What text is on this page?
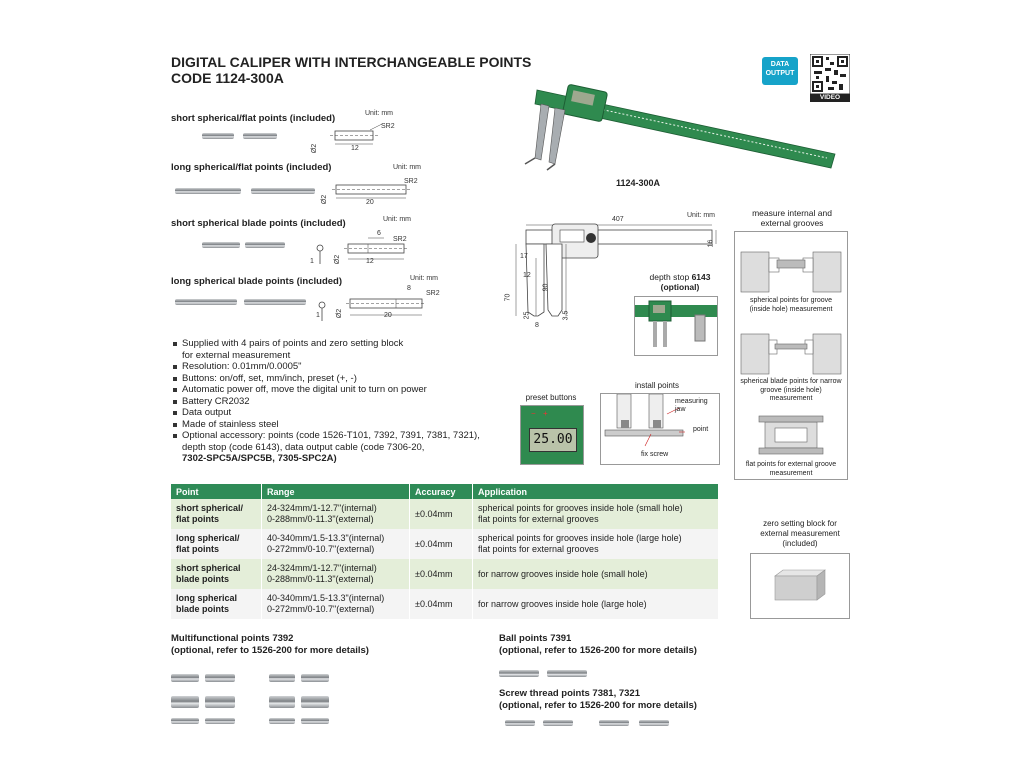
DIGITAL CALIPER WITH INTERCHANGEABLE POINTS
CODE 1124-300A
DATA OUTPUT
VIDEO
short spherical/flat points (included)	Unit: mm
SR2
12
Ø2
long spherical/flat points (included)	Unit: mm
SR2
20
Ø2
short spherical blade points (included)	Unit: mm
6
SR2
12
1	Ø2
long spherical blade points (included)	Unit: mm
8
SR2
20
1 Ø2
1124-300A
407
Unit: mm
16
17
12
90
70
25	3.5
8
depth stop 6143
(optional)
Supplied with 4 pairs of points and zero setting block
for external measurement
Resolution: 0.01mm/0.0005"
Buttons: on/off, set, mm/inch, preset (+, -)
Automatic power off, move the digital unit to turn on power
Battery CR2032
Data output
Made of stainless steel
Optional accessory: points (code 1526-T101, 7392, 7391, 7381, 7321),
depth stop (code 6143), data output cable (code 7306-20,
7302-SPC5A/SPC5B, 7305-SPC2A)
preset buttons
− +
25.00
install points
measuring jaw
point
fix screw
measure internal and external grooves
spherical points for groove (inside hole) measurement
spherical blade points for narrow groove (inside hole) measurement
flat points for external groove measurement
zero setting block for external measurement (included)
Point	Range	Accuracy	Application
short spherical/
flat points	24-324mm/1-12.7"(internal)
0-288mm/0-11.3"(external)	±0.04mm	spherical points for grooves inside hole (small hole)
flat points for external grooves
long spherical/
flat points	40-340mm/1.5-13.3"(internal)
0-272mm/0-10.7"(external)	±0.04mm	spherical points for grooves inside hole (large hole)
flat points for external grooves
short spherical
blade points	24-324mm/1-12.7"(internal)
0-288mm/0-11.3"(external)	±0.04mm	for narrow grooves inside hole (small hole)
long spherical
blade points	40-340mm/1.5-13.3"(internal)
0-272mm/0-10.7"(external)	±0.04mm	for narrow grooves inside hole (large hole)
Multifunctional points 7392
(optional, refer to 1526-200 for more details)
Ball points 7391
(optional, refer to 1526-200 for more details)
Screw thread points 7381, 7321
(optional, refer to 1526-200 for more details)
